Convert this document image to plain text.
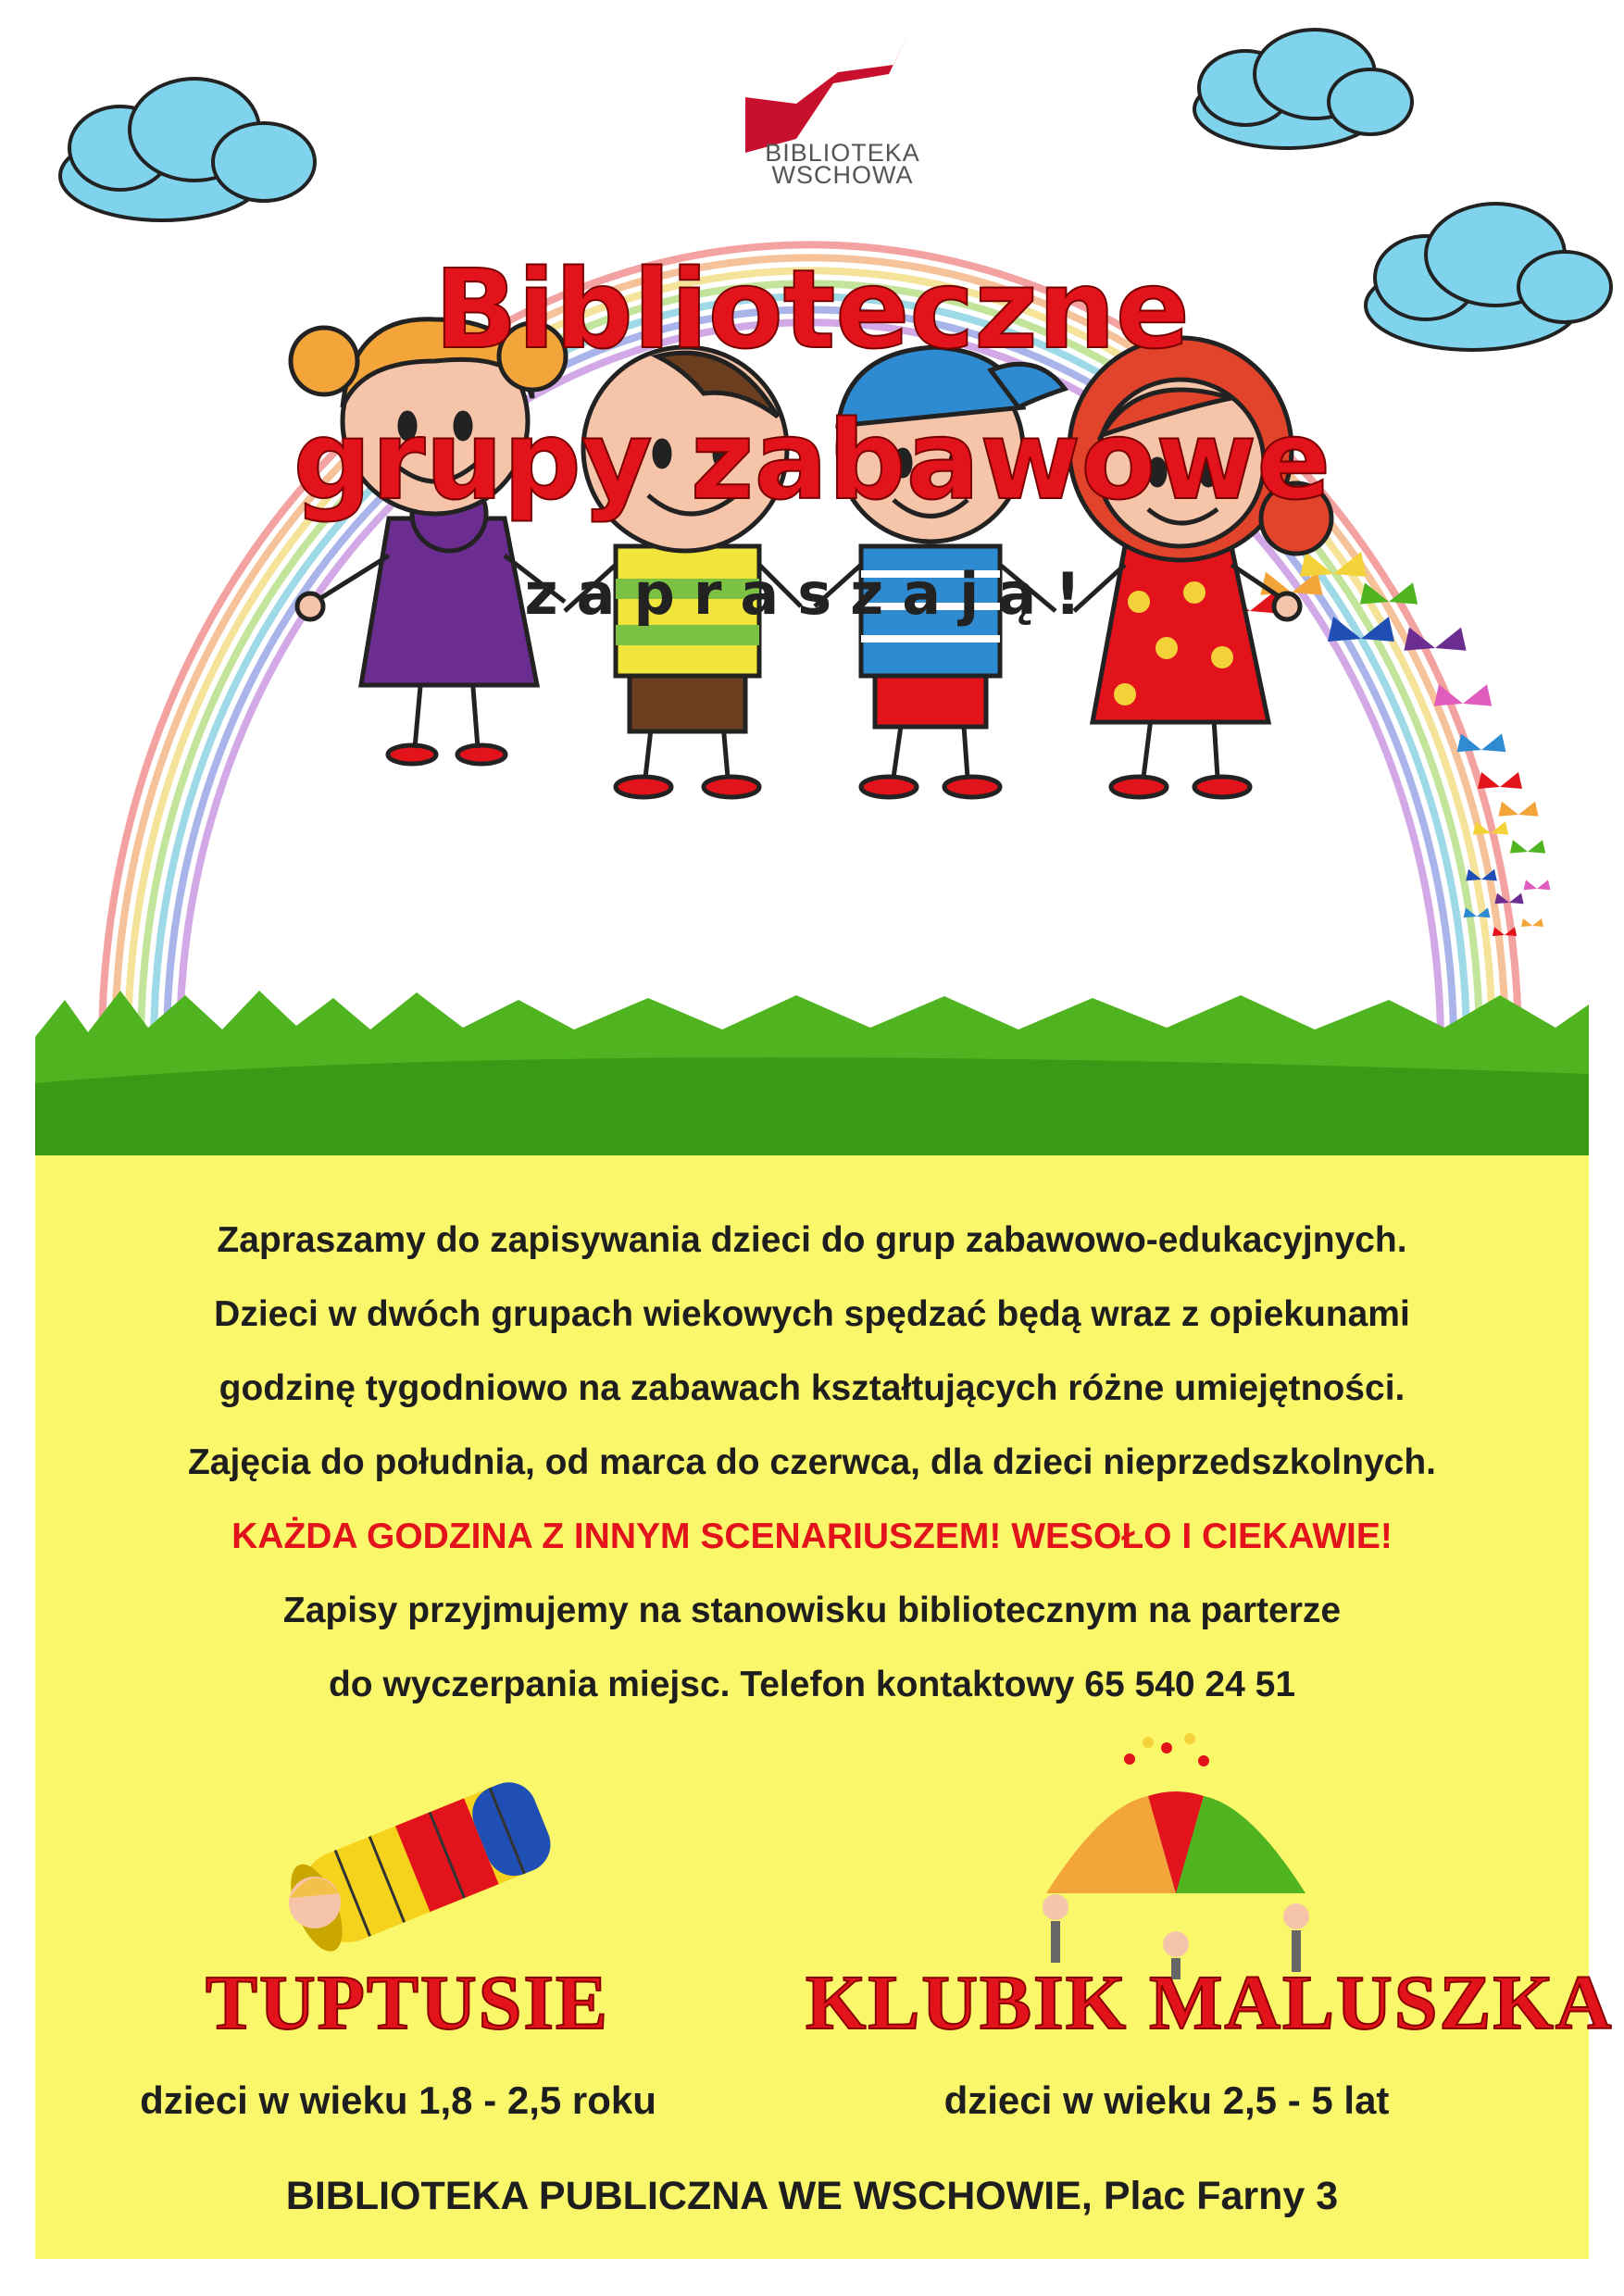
BIBLIOTEKA
WSCHOWA
Biblioteczne
grupy zabawowe
zapraszają!
Zapraszamy do zapisywania dzieci do grup zabawowo-edukacyjnych.
Dzieci w dwóch grupach wiekowych spędzać będą wraz z opiekunami
godzinę tygodniowo na zabawach kształtujących różne umiejętności.
Zajęcia do południa, od marca do czerwca, dla dzieci nieprzedszkolnych.
KAŻDA GODZINA Z INNYM SCENARIUSZEM! WESOŁO I CIEKAWIE!
Zapisy przyjmujemy na stanowisku bibliotecznym na parterze
do wyczerpania miejsc. Telefon kontaktowy 65 540 24 51
TUPTUSIE	KLUBIK MALUSZKA
dzieci w wieku 1,8 - 2,5 roku	dzieci w wieku 2,5 - 5 lat
BIBLIOTEKA PUBLICZNA WE WSCHOWIE, Plac Farny 3
